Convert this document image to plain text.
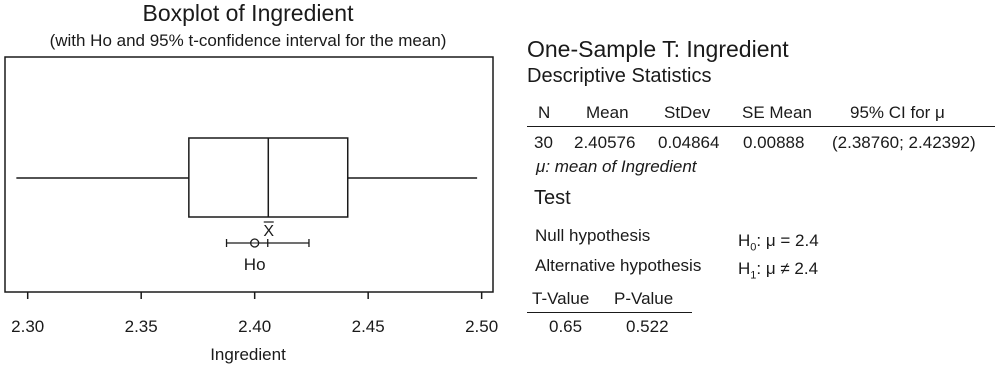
Boxplot of Ingredient
(with Ho and 95% t-confidence interval for the mean)
X
Ho
2.30	2.35	2.40	2.45	2.50
Ingredient
One-Sample T: Ingredient
Descriptive Statistics
N Mean StDev SE Mean 95% CI for μ
30 2.40576 0.04864 0.00888 (2.38760; 2.42392)
μ: mean of Ingredient
Test
Null hypothesis	$H_0$: μ = 2.4
Alternative hypothesis $H_1$: μ ≠ 2.4
T-Value P-Value
0.65	0.522
